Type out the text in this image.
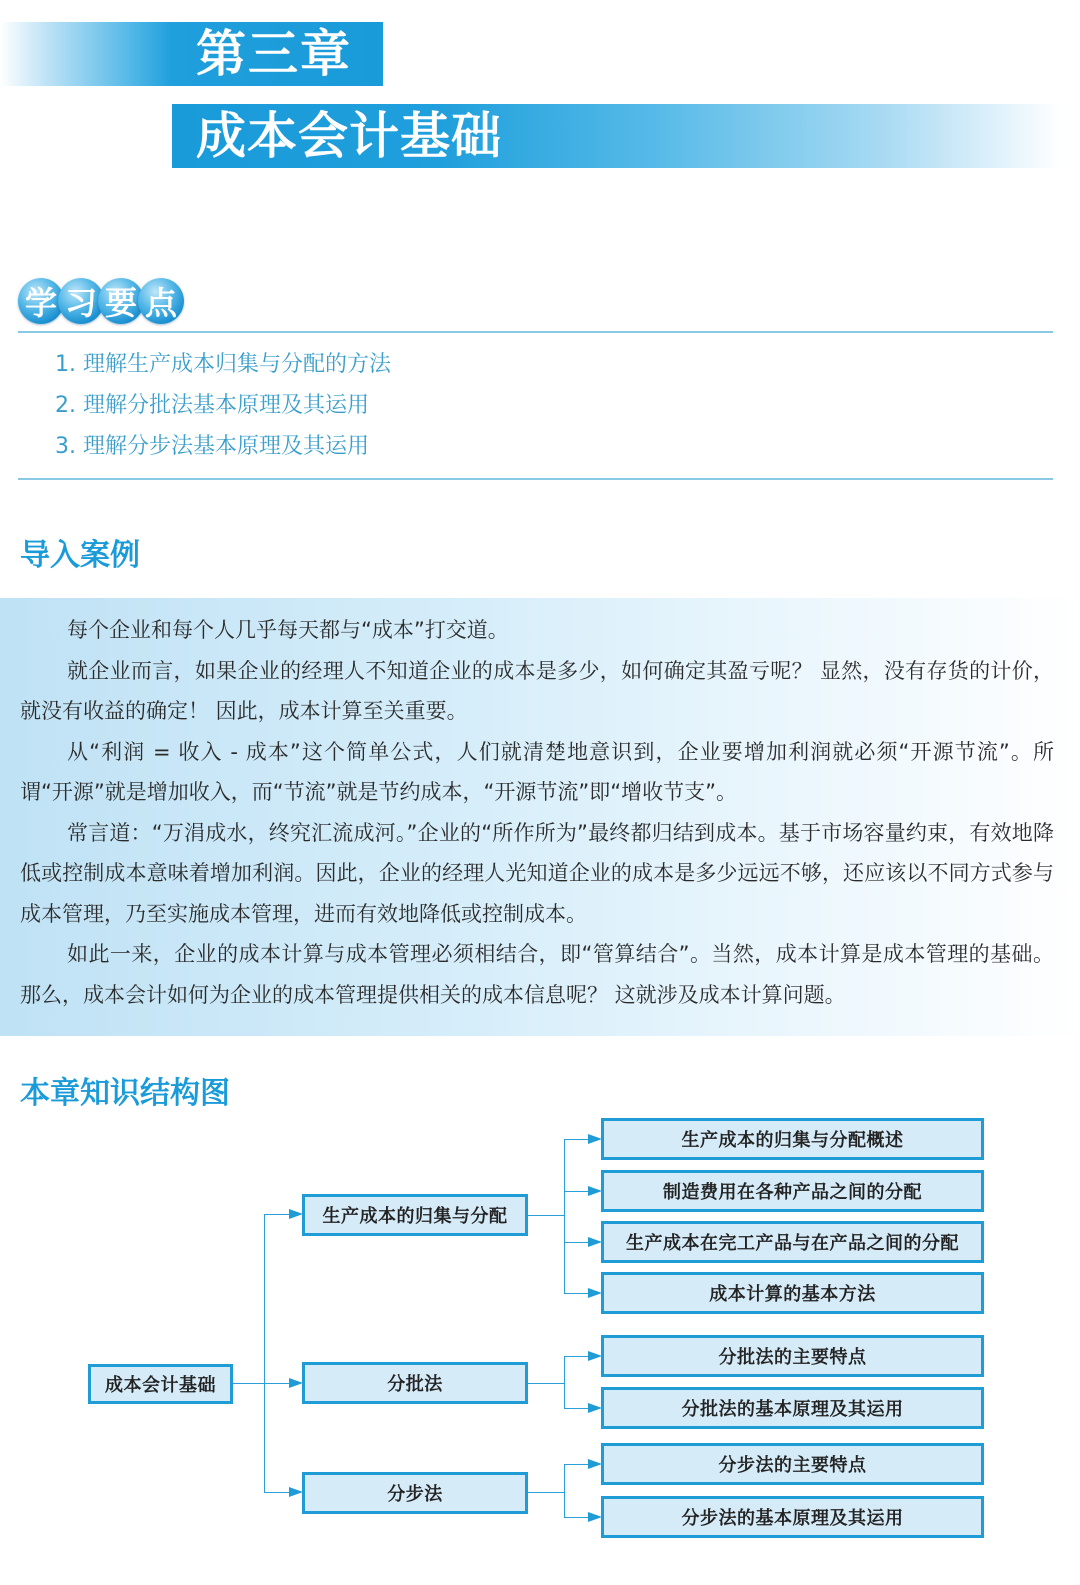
第三章
成本会计基础
学 习 要 点
1. 理解生产成本归集与分配的方法
2. 理解分批法基本原理及其运用
3. 理解分步法基本原理及其运用
导入案例

每个企业和每个人几乎每天都与“成本”打交道。

就企业而言，如果企业的经理人不知道企业的成本是多少，如何确定其盈亏呢？ 显然，没有存货的计价，就没有收益的确定！ 因此，成本计算至关重要。

从“利润 = 收入 - 成本”这个简单公式，人们就清楚地意识到，企业要增加利润就必须“开源节流”。所谓“开源”就是增加收入，而“节流”就是节约成本，“开源节流”即“增收节支”。

常言道：“万涓成水，终究汇流成河。”企业的“所作所为”最终都归结到成本。基于市场容量约束，有效地降低或控制成本意味着增加利润。因此，企业的经理人光知道企业的成本是多少远远不够，还应该以不同方式参与成本管理，乃至实施成本管理，进而有效地降低或控制成本。

如此一来，企业的成本计算与成本管理必须相结合，即“管算结合”。当然，成本计算是成本管理的基础。那么，成本会计如何为企业的成本管理提供相关的成本信息呢？ 这就涉及成本计算问题。

本章知识结构图
成本会计基础
生产成本的归集与分配
分批法
分步法
生产成本的归集与分配概述
制造费用在各种产品之间的分配
生产成本在完工产品与在产品之间的分配
成本计算的基本方法
分批法的主要特点
分批法的基本原理及其运用
分步法的主要特点
分步法的基本原理及其运用
